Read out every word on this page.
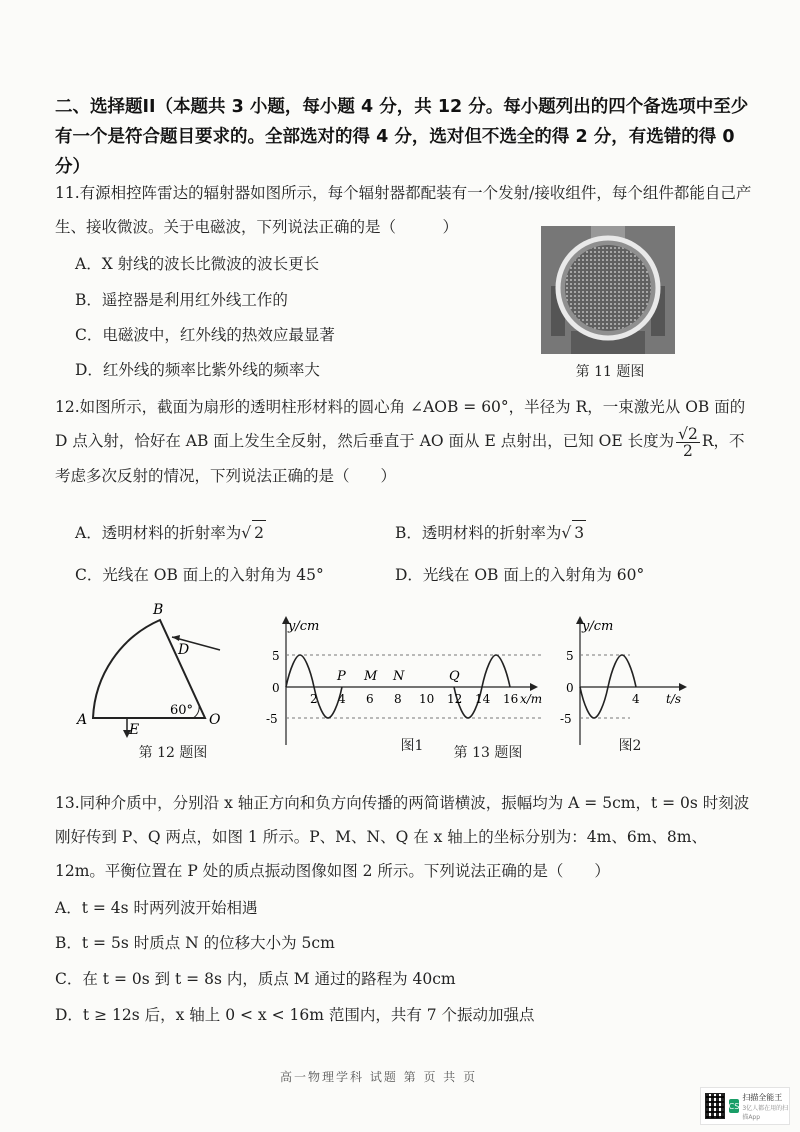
二、选择题II（本题共 3 小题，每小题 4 分，共 12 分。每小题列出的四个备选项中至少有一个是符合题目要求的。全部选对的得 4 分，选对但不选全的得 2 分，有选错的得 0 分）
11.有源相控阵雷达的辐射器如图所示，每个辐射器都配装有一个发射/接收组件，每个组件都能自己产生、接收微波。关于电磁波，下列说法正确的是（　　　）
A．X 射线的波长比微波的波长更长
B．遥控器是利用红外线工作的
C．电磁波中，红外线的热效应最显著
D．红外线的频率比紫外线的频率大	第 11 题图
12.如图所示，截面为扇形的透明柱形材料的圆心角 ∠AOB = 60°，半径为 R，一束激光从 OB 面的 D 点入射，恰好在 AB 面上发生全反射，然后垂直于 AO 面从 E 点射出，已知 OE 长度为 $\frac{√2}{2}$ R，不考虑多次反射的情况，下列说法正确的是（　　）
A．透明材料的折射率为√ 2	B．透明材料的折射率为√ 3
C．光线在 OB 面上的入射角为 45°	D．光线在 OB 面上的入射角为 60°
B
D
A
E
O
60°
第 12 题图
y/cm
5
0
-5
2 4 6 8 10 12 14 16 x/m
P M N	Q
图1	第 13 题图
y/cm
5
0
-5
4 t/s
图2
13.同种介质中，分别沿 x 轴正方向和负方向传播的两简谐横波，振幅均为 A = 5cm，t = 0s 时刻波刚好传到 P、Q 两点，如图 1 所示。P、M、N、Q 在 x 轴上的坐标分别为：4m、6m、8m、12m。平衡位置在 P 处的质点振动图像如图 2 所示。下列说法正确的是（　　）
A．t = 4s 时两列波开始相遇
B．t = 5s 时质点 N 的位移大小为 5cm
C．在 t = 0s 到 t = 8s 内，质点 M 通过的路程为 40cm
D．t ≥ 12s 后，x 轴上 0 < x < 16m 范围内，共有 7 个振动加强点
高一物理学科 试题 第 页 共 页
CS
扫描全能王
3亿人都在用的扫描App
